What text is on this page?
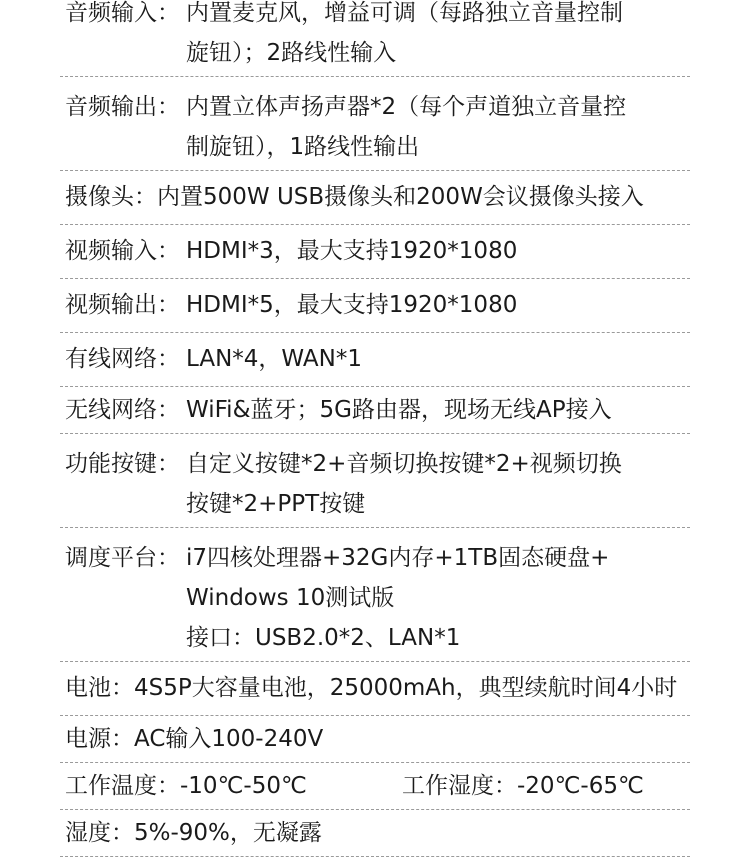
音频输入： 内置麦克风，增益可调（每路独立音量控制
旋钮）；2路线性输入
音频输出： 内置立体声扬声器*2（每个声道独立音量控
制旋钮），1路线性输出
摄像头： 内置500W USB摄像头和200W会议摄像头接入
视频输入： HDMI*3，最大支持1920*1080
视频输出： HDMI*5，最大支持1920*1080
有线网络： LAN*4，WAN*1
无线网络： WiFi&蓝牙；5G路由器，现场无线AP接入
功能按键： 自定义按键*2+音频切换按键*2+视频切换
按键*2+PPT按键
调度平台： i7四核处理器+32G内存+1TB固态硬盘+
Windows 10测试版
接口：USB2.0*2、LAN*1
电池： 4S5P大容量电池，25000mAh，典型续航时间4小时
电源： AC输入100-240V
工作温度：-10℃-50℃	工作湿度：-20℃-65℃
湿度： 5%-90%，无凝露
